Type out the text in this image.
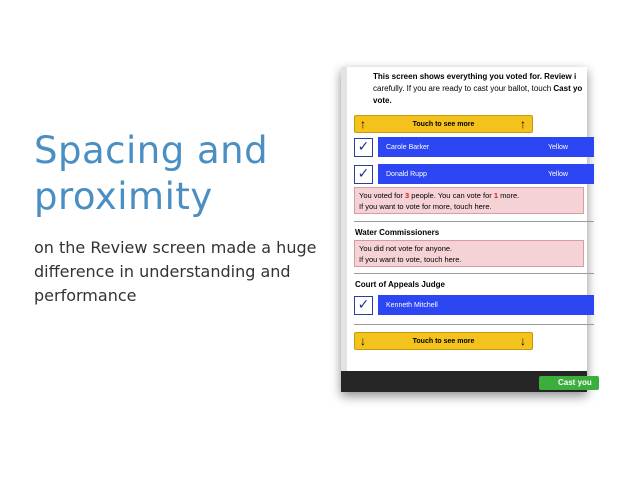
Spacing and proximity
on the Review screen made a huge difference in understanding and performance
This screen shows everything you voted for. Review i
carefully. If you are ready to cast your ballot, touch Cast yo
vote.
↑	Touch to see more	↑
✓	Carole Barker	Yellow
✓	Donald Rupp	Yellow
You voted for 3 people. You can vote for 1 more.
If you want to vote for more, touch here.
Water Commissioners
You did not vote for anyone.
If you want to vote, touch here.
Court of Appeals Judge
✓	Kenneth Mitchell
↓	Touch to see more	↓
Cast you
